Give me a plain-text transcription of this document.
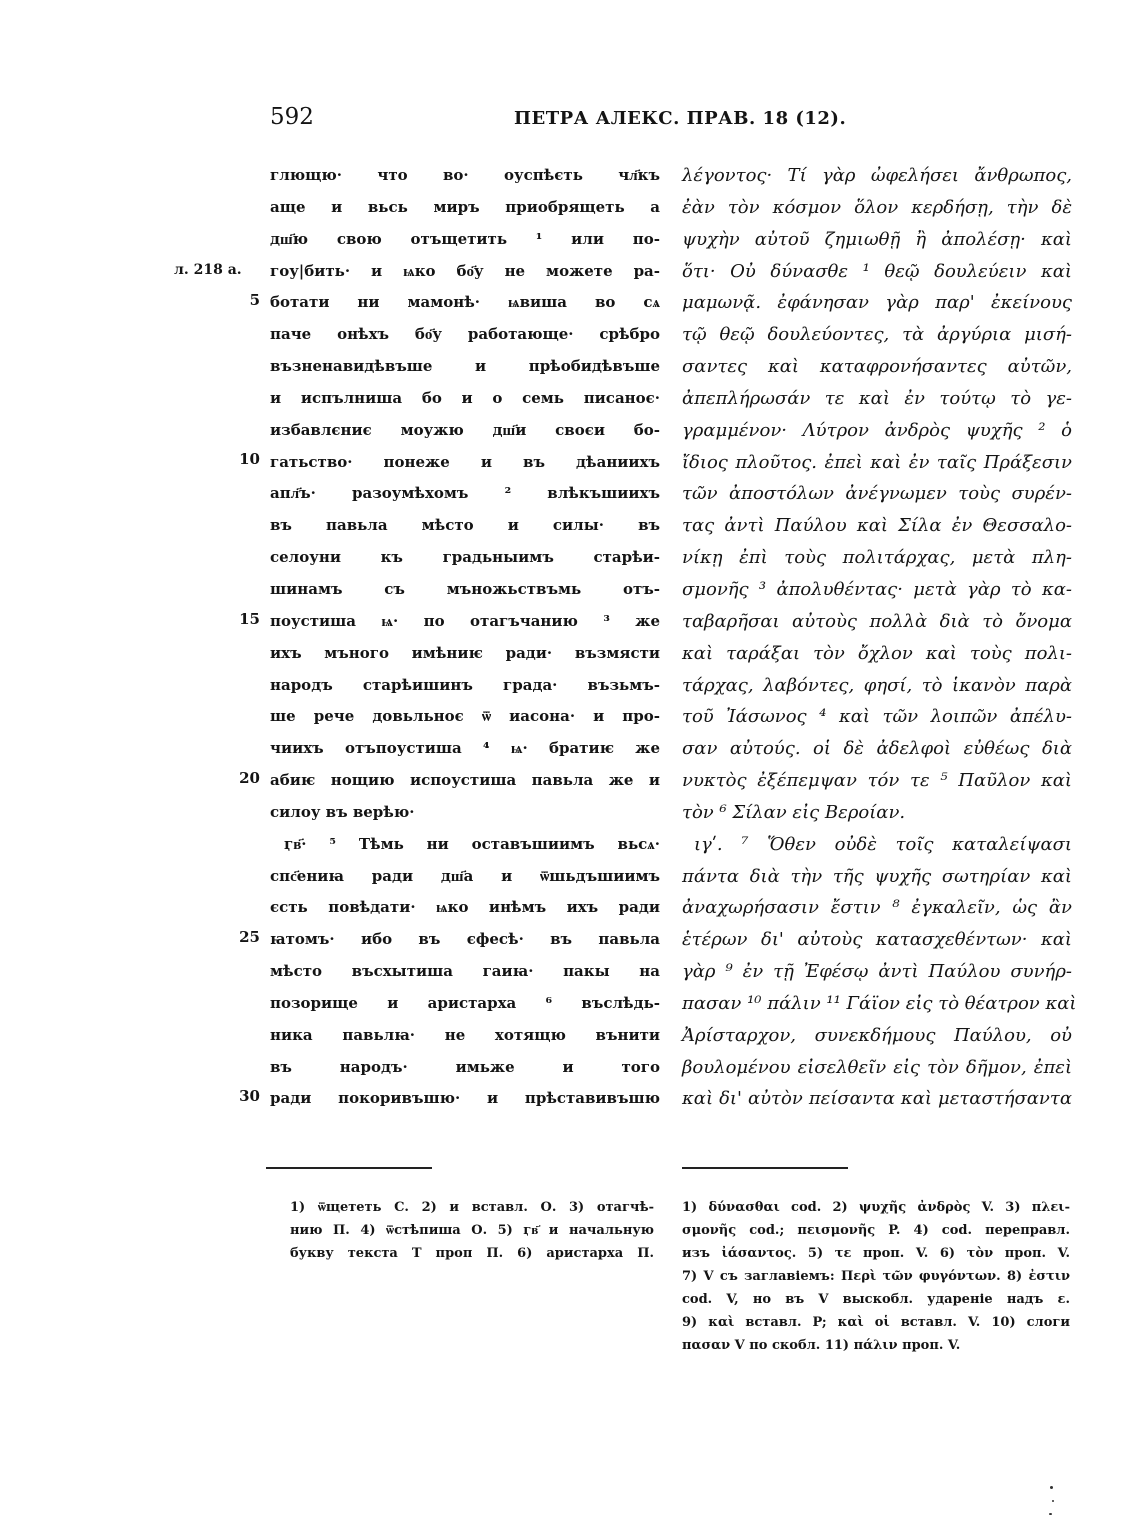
592	ПЕТРА АЛЕКС. ПРАВ. 18 (12).
л. 218 а.
5
10
15
20
25
30
глющю· что во· оуспѣєть чл҃къ
аще и вьсь миръ приобрящеть а
дш҃ю свою отъщетить ¹ или по-
гоу|бить· и ѩко бо҃у не можете ра-
ботати ни мамонѣ· ѩвиша во сѧ
паче онѣхъ бо҃у работающе· срѣбро
възненавидѣвъше и прѣобидѣвъше
и испълниша бо и о семь писаноє·
избавлєниє моужю дш҃и своєи бо-
гатьство· понеже и въ дѣаниихъ
апл҃ъ· разоумѣхомъ ² влѣкъшиихъ
въ павьла мѣсто и силы· въ
селоуни къ градьныимъ старѣи-
шинамъ съ мъножьствъмь отъ-
поустиша ѩ· по отагъчанию ³ же
ихъ мъного имѣниѥ ради· възмясти
народъ старѣишинъ града· възьмъ-
ше рече довьльноє ѿ иасона· и про-
чиихъ отъпоустиша ⁴ ѩ· братиѥ же
абиѥ нощию испоустиша павьла же и
силоу въ верѣю·
ӷв҃· ⁵ Тѣмь ни оставъшиимъ вьсѧ·
спс҃ениꙗ ради дш҃а и ѿшьдъшиимъ
єсть повѣдати· ѩко инѣмъ ихъ ради
ꙗтомъ· ибо въ єфесѣ· въ павьла
мѣсто въсхытиша гаиꙗ· пакы на
позорище и аристарха ⁶ въслѣдь-
ника павьлꙗ· не хотящю вънити
въ народъ· имьже и того
ради покоривъшю· и прѣставивъшю
λέγοντος· Τί γὰρ ὠφελήσει ἄνθρωπος,
ἐὰν τὸν κόσμον ὅλον κερδήσῃ, τὴν δὲ
ψυχὴν αὐτοῦ ζημιωθῇ ἢ ἀπολέσῃ· καὶ
ὅτι· Οὐ δύνασθε ¹ θεῷ δουλεύειν καὶ
μαμωνᾷ. ἐφάνησαν γὰρ παρ' ἐκείνους
τῷ θεῷ δουλεύοντες, τὰ ἀργύρια μισή-
σαντες καὶ καταφρονήσαντες αὐτῶν,
ἀπεπλήρωσάν τε καὶ ἐν τούτῳ τὸ γε-
γραμμένον· Λύτρον ἀνδρὸς ψυχῆς ² ὁ
ἴδιος πλοῦτος. ἐπεὶ καὶ ἐν ταῖς Πράξεσιν
τῶν ἀποστόλων ἀνέγνωμεν τοὺς συρέν-
τας ἀντὶ Παύλου καὶ Σίλα ἐν Θεσσαλο-
νίκῃ ἐπὶ τοὺς πολιτάρχας, μετὰ πλη-
σμονῆς ³ ἀπολυθέντας· μετὰ γὰρ τὸ κα-
ταβαρῆσαι αὐτοὺς πολλὰ διὰ τὸ ὄνομα
καὶ ταράξαι τὸν ὄχλον καὶ τοὺς πολι-
τάρχας, λαβόντες, φησί, τὸ ἱκανὸν παρὰ
τοῦ Ἰάσωνος ⁴ καὶ τῶν λοιπῶν ἀπέλυ-
σαν αὐτούς. οἱ δὲ ἀδελφοὶ εὐθέως διὰ
νυκτὸς ἐξέπεμψαν τόν τε ⁵ Παῦλον καὶ
τὸν ⁶ Σίλαν εἰς Βεροίαν.
ιγʹ. ⁷ Ὅθεν οὐδὲ τοῖς καταλείψασι
πάντα διὰ τὴν τῆς ψυχῆς σωτηρίαν καὶ
ἀναχωρήσασιν ἔστιν ⁸ ἐγκαλεῖν, ὡς ἂν
ἑτέρων δι' αὐτοὺς κατασχεθέντων· καὶ
γὰρ ⁹ ἐν τῇ Ἐφέσῳ ἀντὶ Παύλου συνήρ-
πασαν ¹⁰ πάλιν ¹¹ Γάϊον εἰς τὸ θέατρον καὶ
Ἀρίσταρχον, συνεκδήμους Παύλου, οὐ
βουλομένου εἰσελθεῖν εἰς τὸν δῆμον, ἐπεὶ
καὶ δι' αὐτὸν πείσαντα καὶ μεταστήσαντα
1) ѿщететь С. 2) и вставл. О. 3) отагчѣ-
нию П. 4) ѿстѣпиша О. 5) ӷв҃ и начальную
букву текста Т проп П. 6) аристарха П.
1) δύνασθαι cod. 2) ψυχῆς ἀνδρὸς V. 3) πλει-
σμονῆς cod.; πεισμονῆς P. 4) cod. переправл.
изъ ἰάσαντος. 5) τε проп. V. 6) τὸν проп. V.
7) V съ заглавіемъ: Περὶ τῶν φυγόντων. 8) ἐστιν
cod. V, но въ V выскобл. удареніе надъ ε.
9) καὶ вставл. P; καὶ οἱ вставл. V. 10) слоги
πασαν V по скобл. 11) πάλιν проп. V.
